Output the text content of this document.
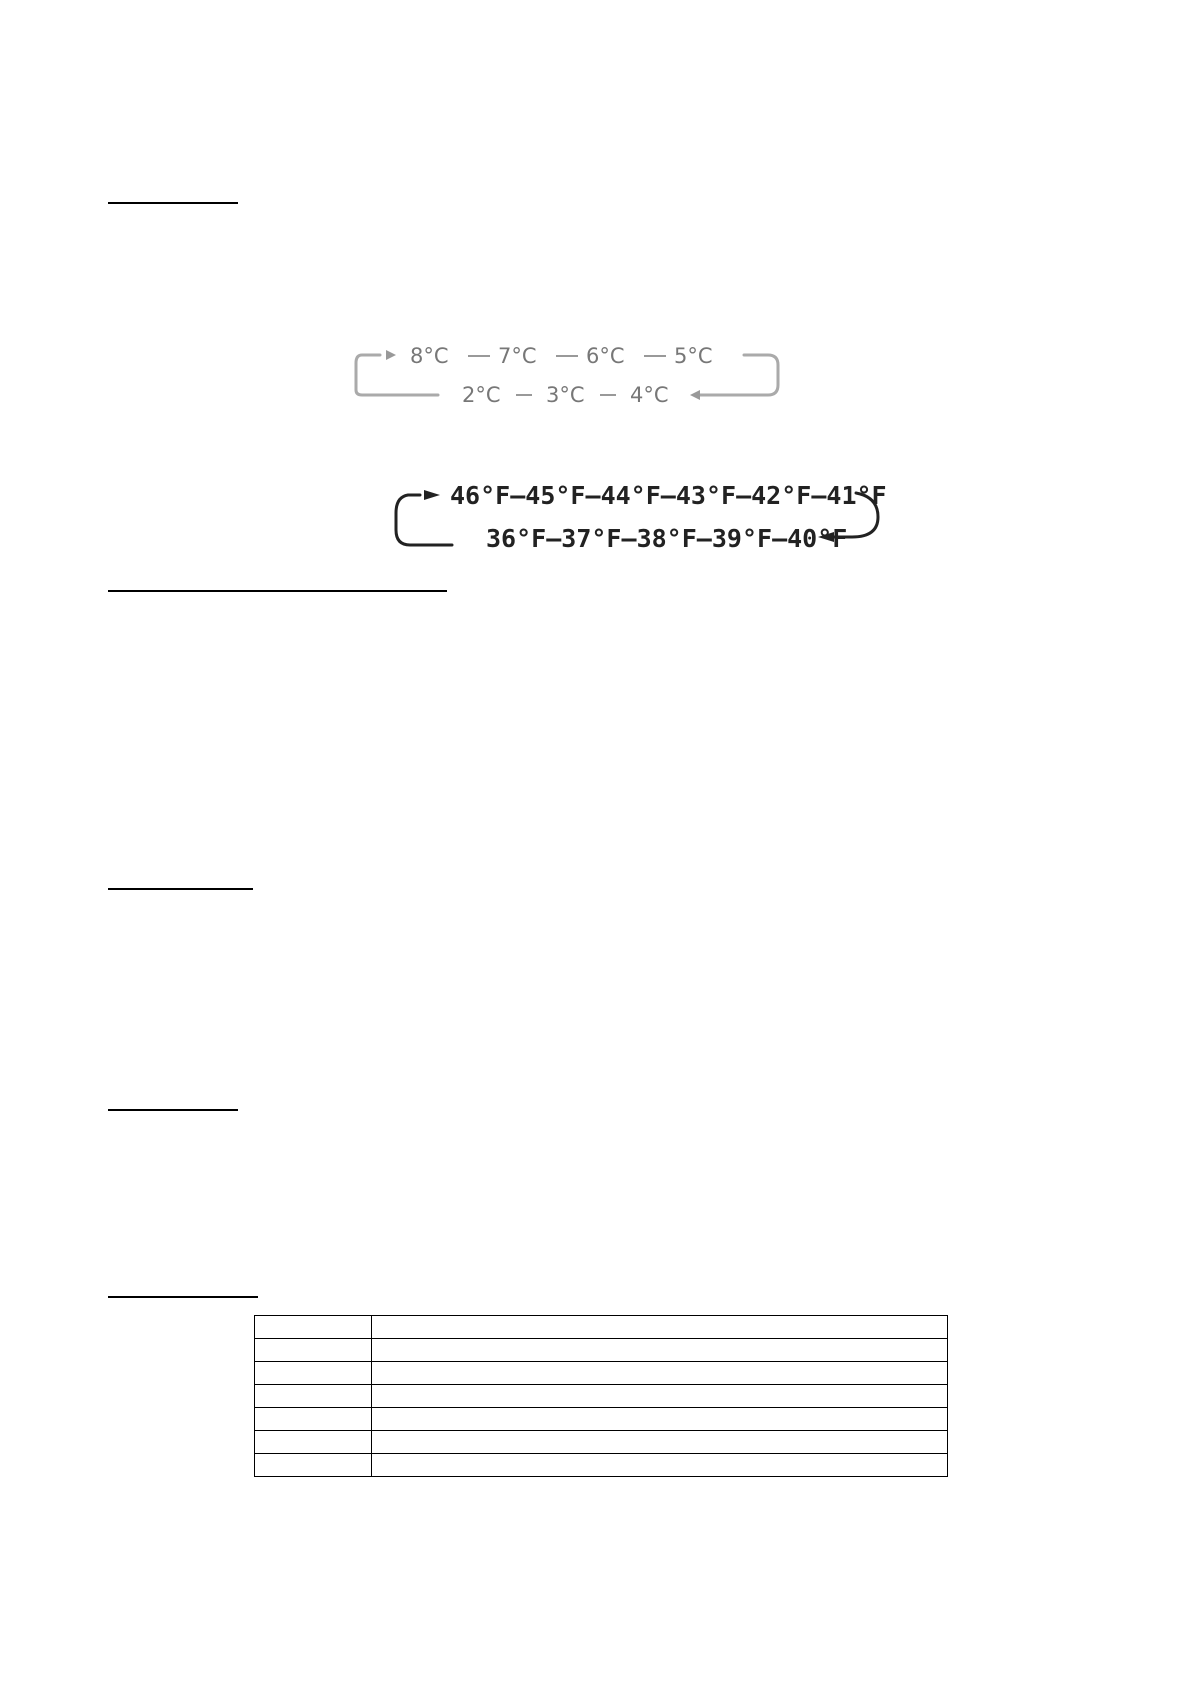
8°C 7°C 6°C 5°C
2°C 3°C 4°C
46°F–45°F–44°F–43°F–42°F–41°F
36°F–37°F–38°F–39°F–40°F
